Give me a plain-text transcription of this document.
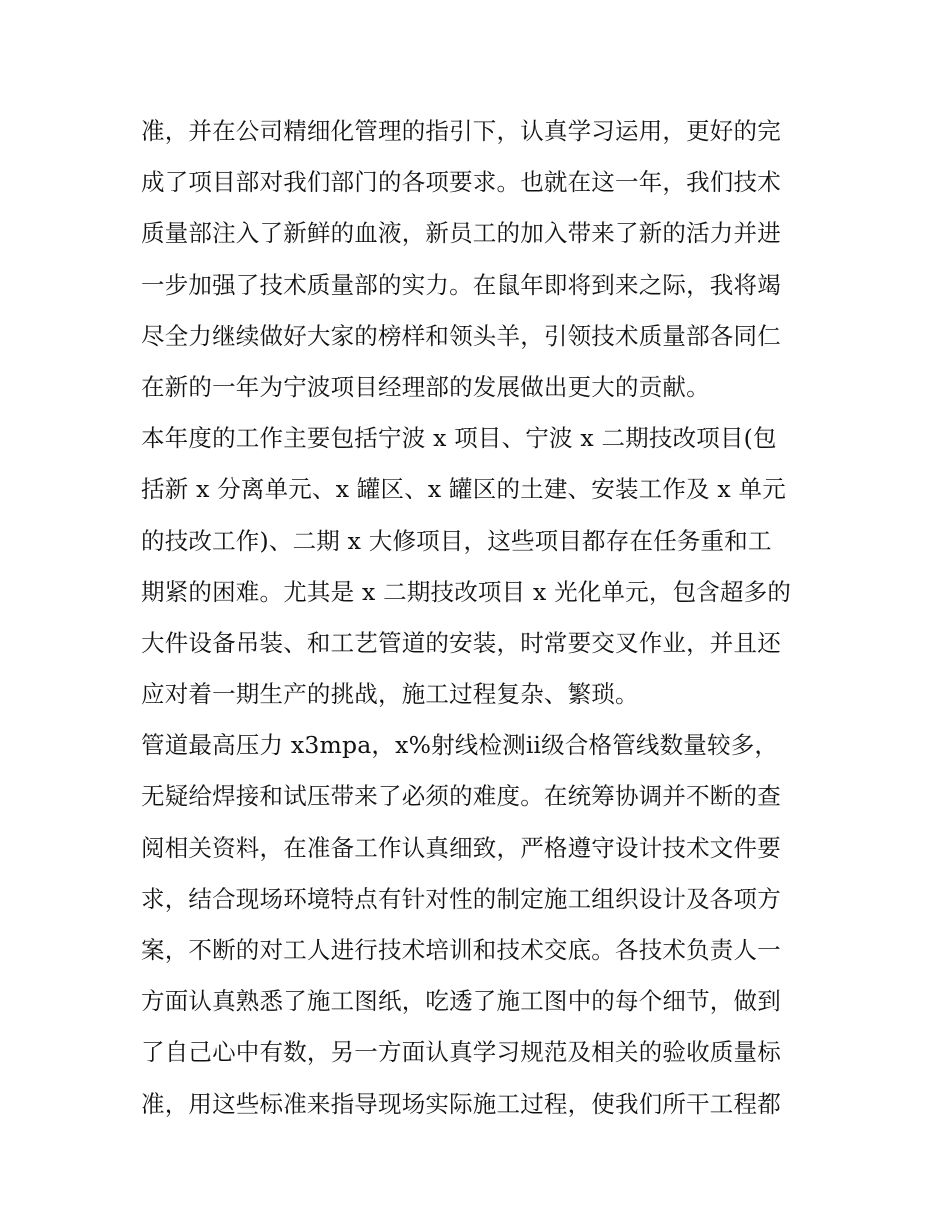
准，并在公司精细化管理的指引下，认真学习运用，更好的完
成了项目部对我们部门的各项要求。也就在这一年，我们技术
质量部注入了新鲜的血液，新员工的加入带来了新的活力并进
一步加强了技术质量部的实力。在鼠年即将到来之际，我将竭
尽全力继续做好大家的榜样和领头羊，引领技术质量部各同仁
在新的一年为宁波项目经理部的发展做出更大的贡献。
本年度的工作主要包括宁波 x 项目、宁波 x 二期技改项目(包
括新 x 分离单元、x 罐区、x 罐区的土建、安装工作及 x 单元
的技改工作)、二期 x 大修项目，这些项目都存在任务重和工
期紧的困难。尤其是 x 二期技改项目 x 光化单元，包含超多的
大件设备吊装、和工艺管道的安装，时常要交叉作业，并且还
应对着一期生产的挑战，施工过程复杂、繁琐。
管道最高压力 x3mpa，x%射线检测ⅱ级合格管线数量较多，
无疑给焊接和试压带来了必须的难度。在统筹协调并不断的查
阅相关资料，在准备工作认真细致，严格遵守设计技术文件要
求，结合现场环境特点有针对性的制定施工组织设计及各项方
案，不断的对工人进行技术培训和技术交底。各技术负责人一
方面认真熟悉了施工图纸，吃透了施工图中的每个细节，做到
了自己心中有数，另一方面认真学习规范及相关的验收质量标
准，用这些标准来指导现场实际施工过程，使我们所干工程都
